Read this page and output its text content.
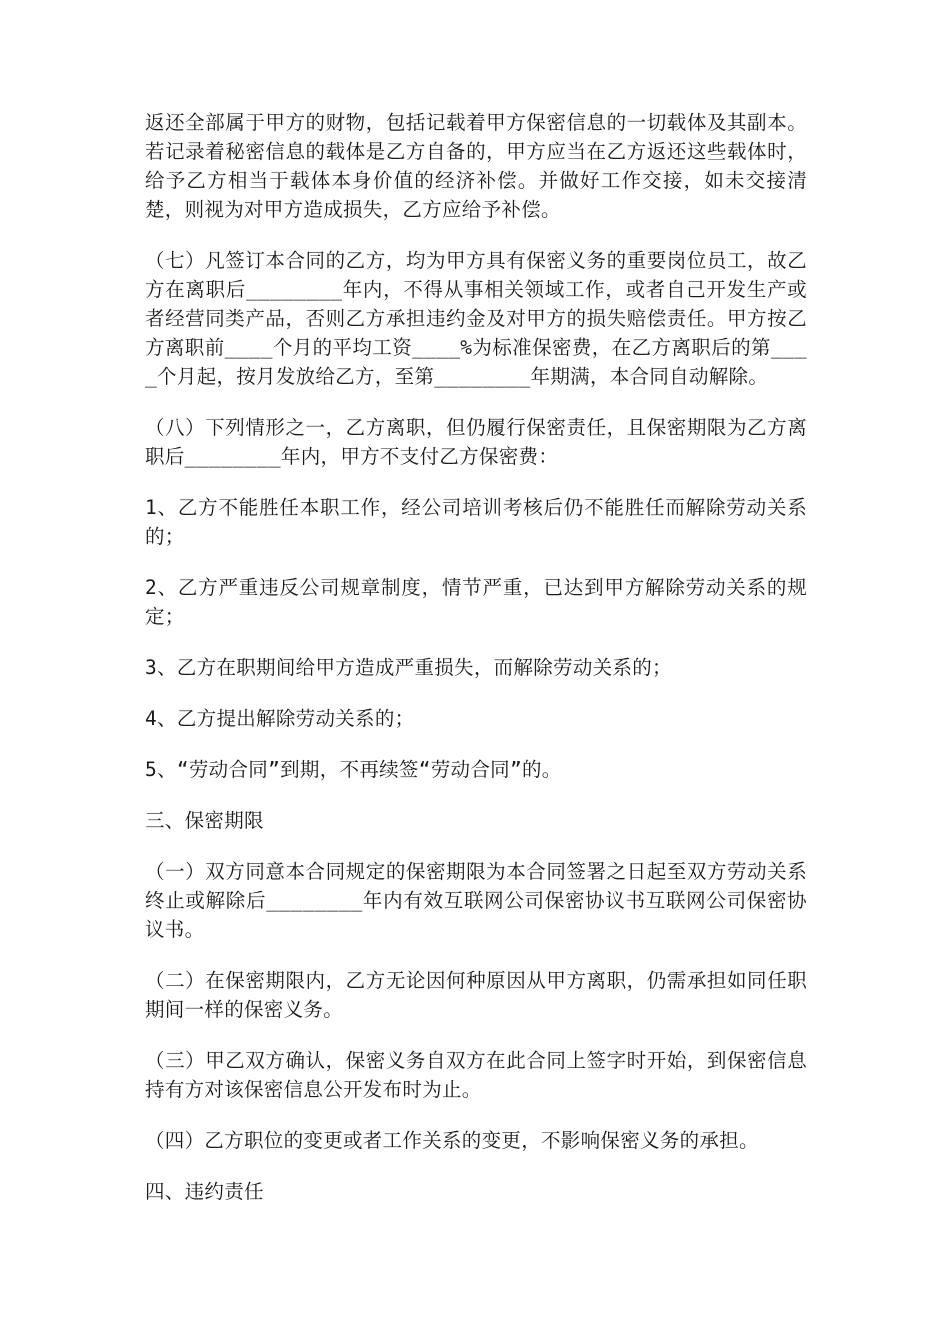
返还全部属于甲方的财物，包括记载着甲方保密信息的一切载体及其副本。若记录着秘密信息的载体是乙方自备的，甲方应当在乙方返还这些载体时，给予乙方相当于载体本身价值的经济补偿。并做好工作交接，如未交接清楚，则视为对甲方造成损失，乙方应给予补偿。

（七）凡签订本合同的乙方，均为甲方具有保密义务的重要岗位员工，故乙方在离职后________年内，不得从事相关领域工作，或者自己开发生产或者经营同类产品，否则乙方承担违约金及对甲方的损失赔偿责任。甲方按乙方离职前____个月的平均工资____%为标准保密费，在乙方离职后的第____个月起，按月发放给乙方，至第________年期满，本合同自动解除。

（八）下列情形之一，乙方离职，但仍履行保密责任，且保密期限为乙方离职后________年内，甲方不支付乙方保密费：

1、乙方不能胜任本职工作，经公司培训考核后仍不能胜任而解除劳动关系的；

2、乙方严重违反公司规章制度，情节严重，已达到甲方解除劳动关系的规定；

3、乙方在职期间给甲方造成严重损失，而解除劳动关系的；

4、乙方提出解除劳动关系的；

5、“劳动合同”到期，不再续签“劳动合同”的。

三、保密期限

（一）双方同意本合同规定的保密期限为本合同签署之日起至双方劳动关系终止或解除后________年内有效互联网公司保密协议书互联网公司保密协议书。

（二）在保密期限内，乙方无论因何种原因从甲方离职，仍需承担如同任职期间一样的保密义务。

（三）甲乙双方确认，保密义务自双方在此合同上签字时开始，到保密信息持有方对该保密信息公开发布时为止。

（四）乙方职位的变更或者工作关系的变更，不影响保密义务的承担。

四、违约责任
